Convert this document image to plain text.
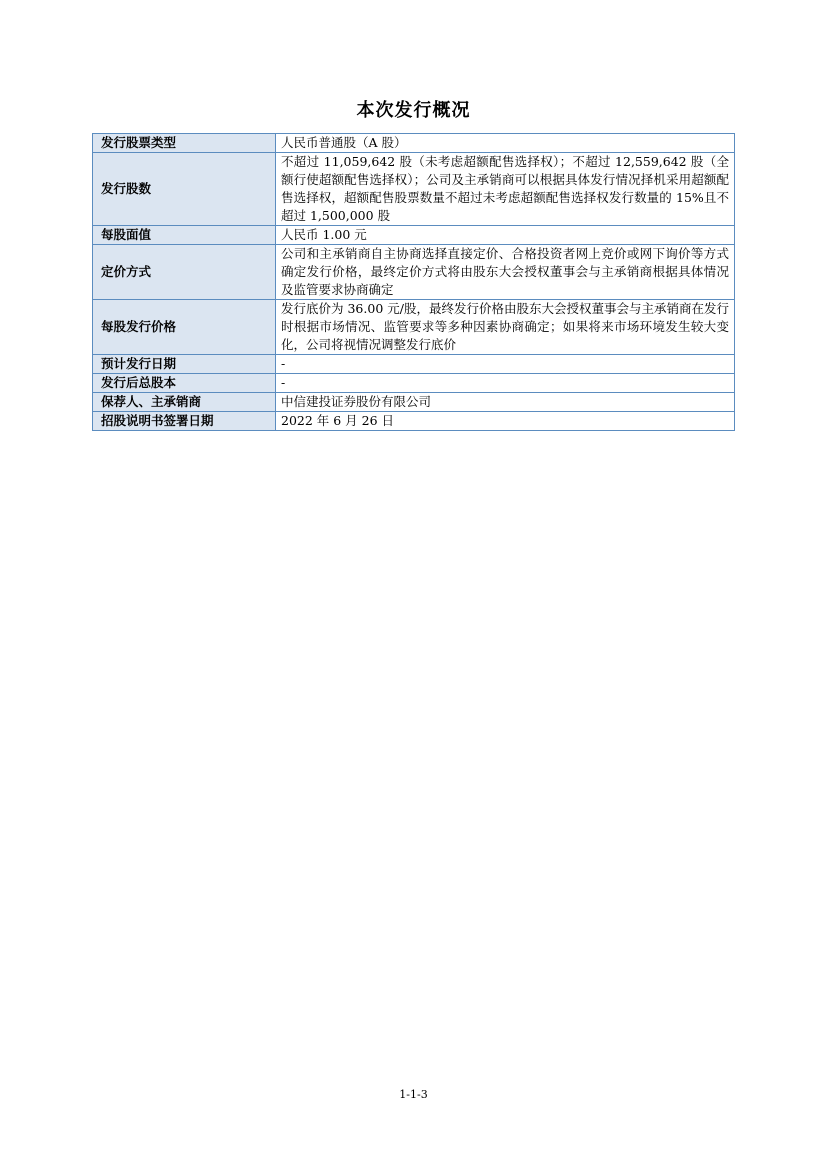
本次发行概况
发行股票类型	人民币普通股（A 股）
发行股数	不超过 11,059,642 股（未考虑超额配售选择权）；不超过 12,559,642 股（全额行使超额配售选择权）；公司及主承销商可以根据具体发行情况择机采用超额配售选择权，超额配售股票数量不超过未考虑超额配售选择权发行数量的 15%且不超过 1,500,000 股
每股面值	人民币 1.00 元
定价方式	公司和主承销商自主协商选择直接定价、合格投资者网上竞价或网下询价等方式确定发行价格，最终定价方式将由股东大会授权董事会与主承销商根据具体情况及监管要求协商确定
每股发行价格	发行底价为 36.00 元/股，最终发行价格由股东大会授权董事会与主承销商在发行时根据市场情况、监管要求等多种因素协商确定；如果将来市场环境发生较大变化，公司将视情况调整发行底价
预计发行日期	-
发行后总股本	-
保荐人、主承销商	中信建投证券股份有限公司
招股说明书签署日期	2022 年 6 月 26 日
1-1-3
